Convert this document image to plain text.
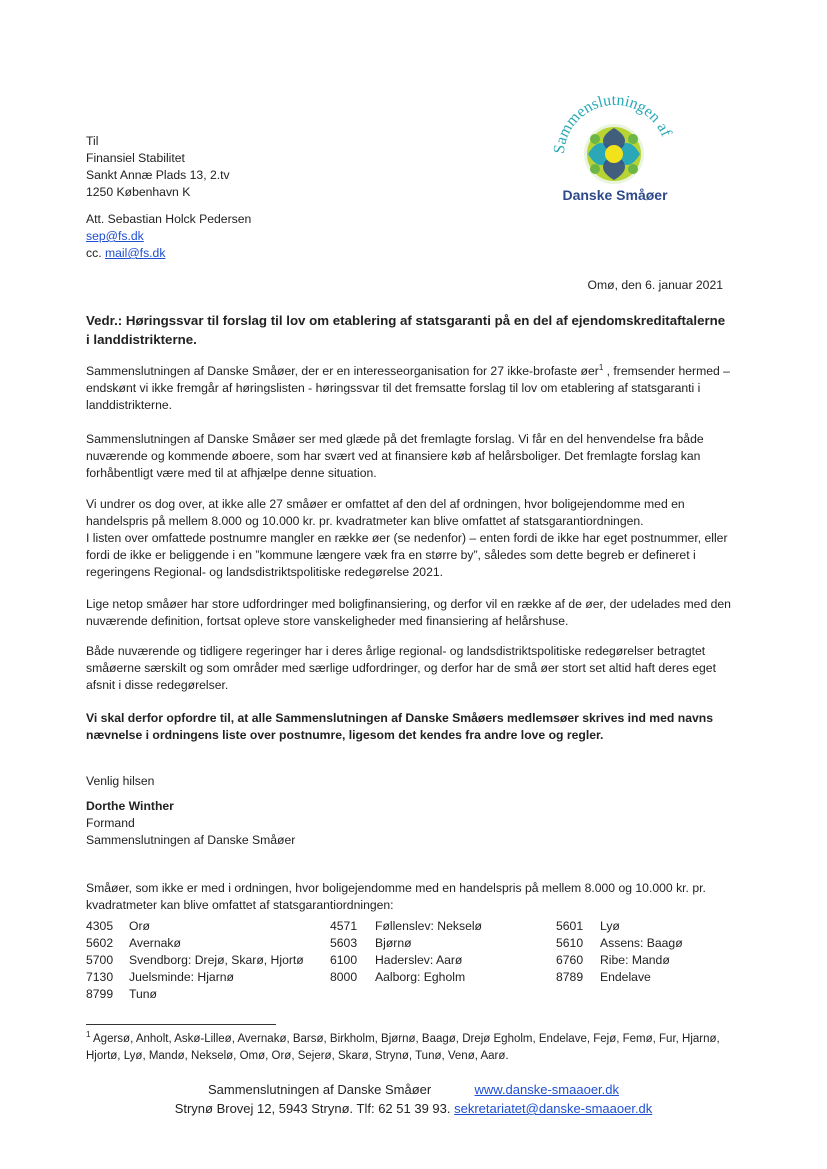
Sammenslutningen af
Danske Småøer
Til
Finansiel Stabilitet
Sankt Annæ Plads 13, 2.tv
1250 København K
Att. Sebastian Holck Pedersen
sep@fs.dk
cc. mail@fs.dk
Omø, den 6. januar 2021
Vedr.: Høringssvar til forslag til lov om etablering af statsgaranti på en del af ejendomskreditaftalerne i landdistrikterne.

Sammenslutningen af Danske Småøer, der er en interesseorganisation for 27 ikke-brofaste øer$^1$ , fremsender hermed – endskønt vi ikke fremgår af høringslisten - høringssvar til det fremsatte forslag til lov om etablering af statsgaranti i landdistrikterne.

Sammenslutningen af Danske Småøer ser med glæde på det fremlagte forslag. Vi får en del henvendelse fra både nuværende og kommende øboere, som har svært ved at finansiere køb af helårsboliger. Det fremlagte forslag kan forhåbentligt være med til at afhjælpe denne situation.

Vi undrer os dog over, at ikke alle 27 småøer er omfattet af den del af ordningen, hvor boligejendomme med en handelspris på mellem 8.000 og 10.000 kr. pr. kvadratmeter kan blive omfattet af statsgarantiordningen.

I listen over omfattede postnumre mangler en række øer (se nedenfor) – enten fordi de ikke har eget postnummer, eller fordi de ikke er beliggende i en ”kommune længere væk fra en større by”, således som dette begreb er defineret i regeringens Regional- og landsdistriktspolitiske redegørelse 2021.

Lige netop småøer har store udfordringer med boligfinansiering, og derfor vil en række af de øer, der udelades med den nuværende definition, fortsat opleve store vanskeligheder med finansiering af helårshuse.

Både nuværende og tidligere regeringer har i deres årlige regional- og landsdistriktspolitiske redegørelser betragtet småøerne særskilt og som områder med særlige udfordringer, og derfor har de små øer stort set altid haft deres eget afsnit i disse redegørelser.

Vi skal derfor opfordre til, at alle Sammenslutningen af Danske Småøers medlemsøer skrives ind med navns nævnelse i ordningens liste over postnumre, ligesom det kendes fra andre love og regler.

Venlig hilsen
Dorthe Winther
Formand
Sammenslutningen af Danske Småøer

Småøer, som ikke er med i ordningen, hvor boligejendomme med en handelspris på mellem 8.000 og 10.000 kr. pr. kvadratmeter kan blive omfattet af statsgarantiordningen:

4305 Orø
5602 Avernakø
5700 Svendborg: Drejø, Skarø, Hjortø
7130 Juelsminde: Hjarnø
8799 Tunø
4571 Føllenslev: Nekselø
5603 Bjørnø
6100 Haderslev: Aarø
8000 Aalborg: Egholm
5601 Lyø
5610 Assens: Baagø
6760 Ribe: Mandø
8789 Endelave
$^1$ Agersø, Anholt, Askø-Lilleø, Avernakø, Barsø, Birkholm, Bjørnø, Baagø, Drejø Egholm, Endelave, Fejø, Femø, Fur, Hjarnø, Hjortø, Lyø, Mandø, Nekselø, Omø, Orø, Sejerø, Skarø, Strynø, Tunø, Venø, Aarø.
Sammenslutningen af Danske Småøer	www.danske-smaaoer.dk
Strynø Brovej 12, 5943 Strynø. Tlf: 62 51 39 93. sekretariatet@danske-smaaoer.dk
